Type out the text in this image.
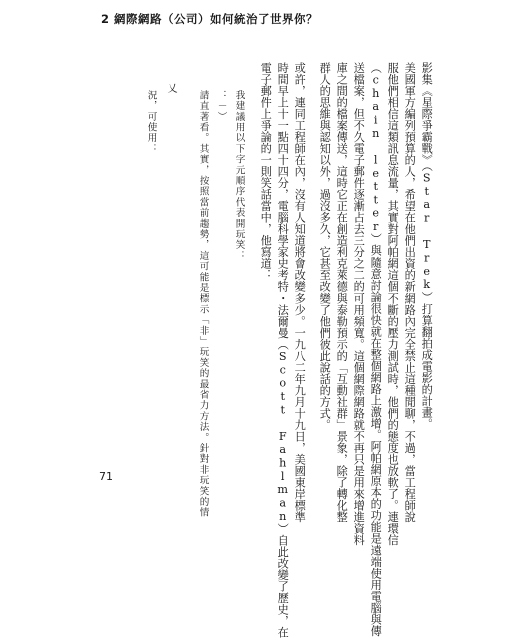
2 網際網路（公司）如何統治了世界你？
影集《星際爭霸戰》（Star Trek）打算翻拍成電影的計畫。
美國軍方編列預算的人，希望在他們出資的新網路內完全禁止這種閒聊，不過，當工程師說
服他們相信這類訊息流量，其實對阿帕網這個不斷的壓力測試時，他們的態度也放軟了。連環信
（chain letter）與隨意討論很快就在整個網路上激增。阿帕網原本的功能是遠端使用電腦與傳
送檔案，但不久電子郵件逐漸占去三分之二的可用頻寬。這個網際網路就不再只是用來增進資料
庫之間的檔案傳送，這時它正在創造利克萊德與泰勒預示的「互動社群」景象，除了轉化整
群人的思維與認知以外，過沒多久，它甚至改變了他們彼此說話的方式。
或許，連同工程師在內，沒有人知道將會改變多少。一九八二年九月十九日，美國東岸標準
時間早上十一點四十四分，電腦科學家史考特・法爾曼（Scott Fahlman）自此改變了歷史，在
電子郵件上爭論的一則笑話當中，他寫道：
我建議用以下字元順序代表開玩笑：
：－）
請直著看。其實，按照當前趨勢，這可能是標示「非」玩笑的最省力方法。針對非玩笑的情
乂
況，可使用：
71
